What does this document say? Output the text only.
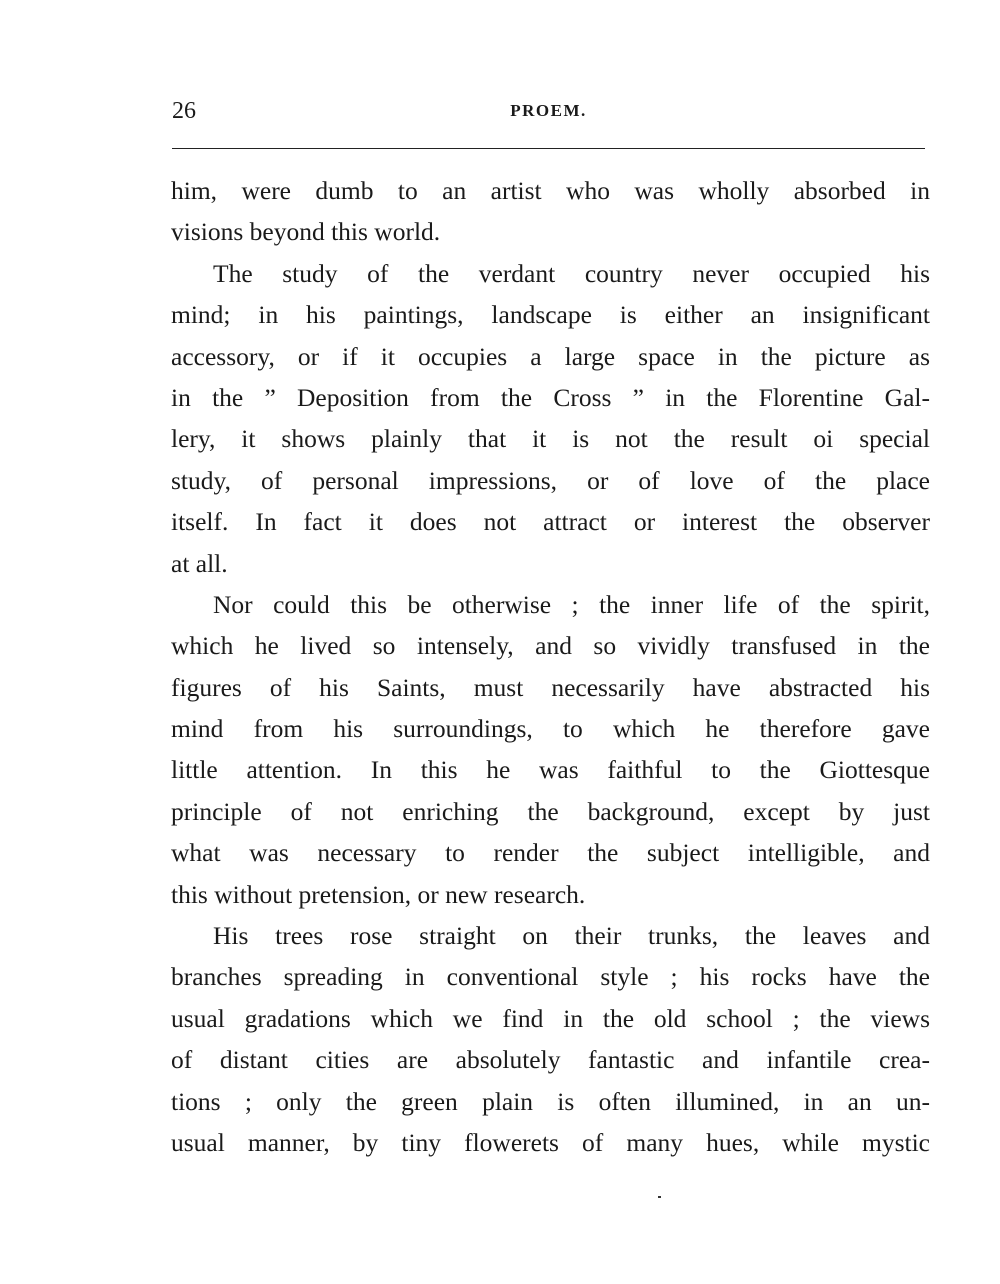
26	PROEM.
him, were dumb to an artist who was wholly absorbed in
visions beyond this world.
The study of the verdant country never occupied his
mind; in his paintings, landscape is either an insignificant
accessory, or if it occupies a large space in the picture as
in the ” Deposition from the Cross ” in the Florentine Gal-
lery, it shows plainly that it is not the result oi special
study, of personal impressions, or of love of the place
itself. In fact it does not attract or interest the observer
at all.
Nor could this be otherwise ; the inner life of the spirit,
which he lived so intensely, and so vividly transfused in the
figures of his Saints, must necessarily have abstracted his
mind from his surroundings, to which he therefore gave
little attention. In this he was faithful to the Giottesque
principle of not enriching the background, except by just
what was necessary to render the subject intelligible, and
this without pretension, or new research.
His trees rose straight on their trunks, the leaves and
branches spreading in conventional style ; his rocks have the
usual gradations which we find in the old school ; the views
of distant cities are absolutely fantastic and infantile crea-
tions ; only the green plain is often illumined, in an un-
usual manner, by tiny flowerets of many hues, while mystic
